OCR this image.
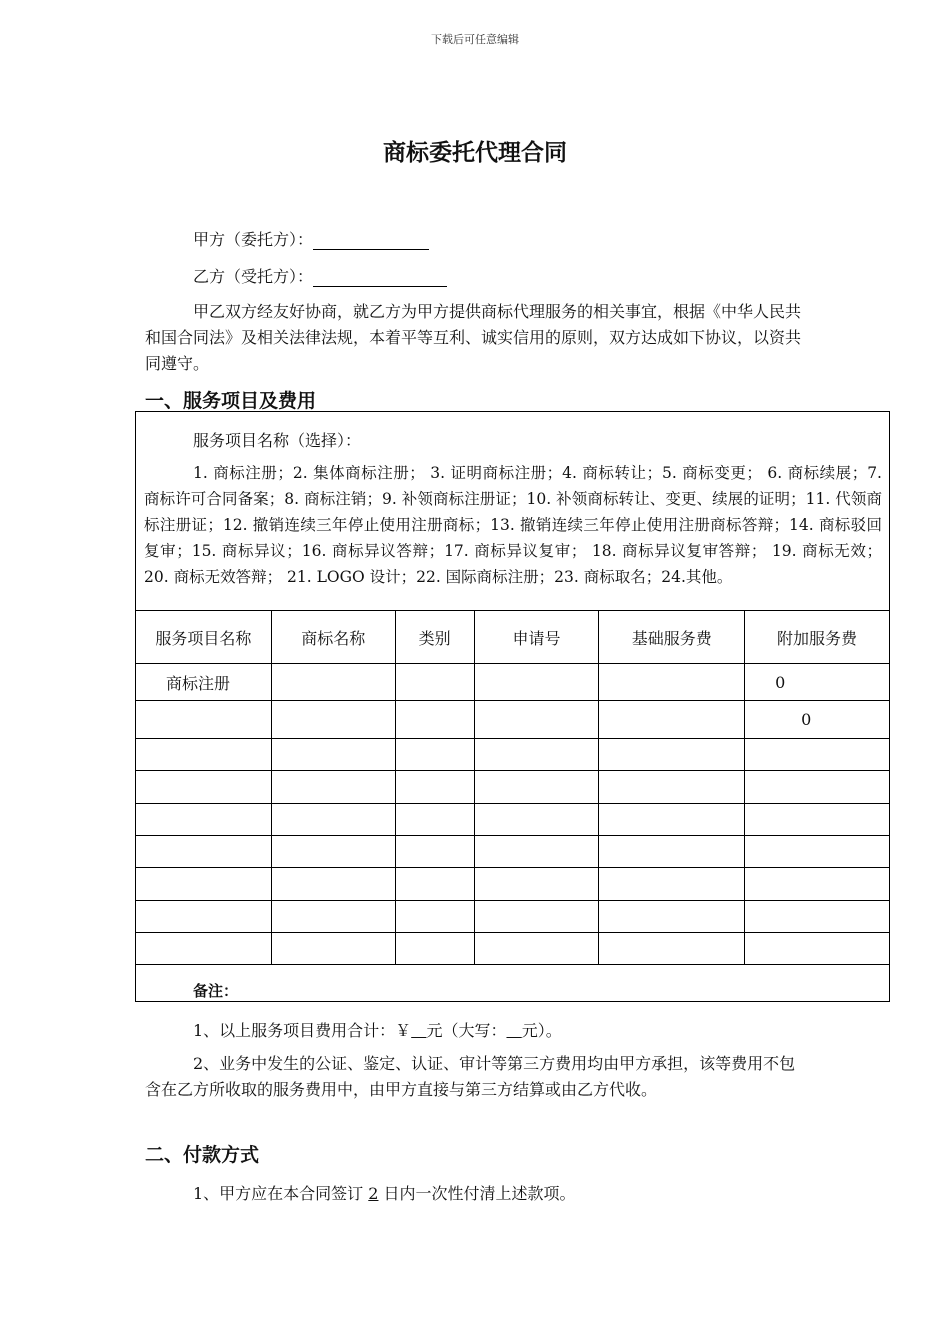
下载后可任意编辑
商标委托代理合同
甲方（委托方）：
乙方（受托方）：

甲乙双方经友好协商，就乙方为甲方提供商标代理服务的相关事宜，根据《中华人民共和国合同法》及相关法律法规，本着平等互利、诚实信用的原则，双方达成如下协议，以资共同遵守。

一、服务项目及费用
服务项目名称（选择）：

1. 商标注册；2. 集体商标注册； 3. 证明商标注册；4. 商标转让；5. 商标变更； 6. 商标续展；7. 商标许可合同备案；8. 商标注销；9. 补领商标注册证；10. 补领商标转让、变更、续展的证明；11. 代领商标注册证；12. 撤销连续三年停止使用注册商标；13. 撤销连续三年停止使用注册商标答辩；14. 商标驳回复审；15. 商标异议；16. 商标异议答辩；17. 商标异议复审； 18. 商标异议复审答辩； 19. 商标无效； 20. 商标无效答辩； 21. LOGO 设计；22. 国际商标注册；23. 商标取名；24.其他。

服务项目名称	商标名称	类别	申请号	基础服务费	附加服务费
商标注册					0
					0

备注：
1、以上服务项目费用合计：￥ 元（大写： 元）。

2、业务中发生的公证、鉴定、认证、审计等第三方费用均由甲方承担，该等费用不包含在乙方所收取的服务费用中，由甲方直接与第三方结算或由乙方代收。

二、付款方式
1、甲方应在本合同签订 2 日内一次性付清上述款项。
